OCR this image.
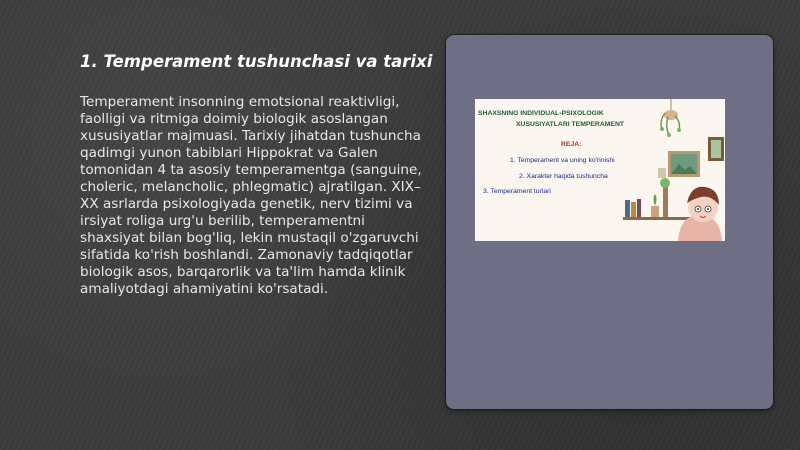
1. Temperament tushunchasi va tarixi

Temperament insonning emotsional reaktivligi, faolligi va ritmiga doimiy biologik asoslangan xususiyatlar majmuasi. Tarixiy jihatdan tushuncha qadimgi yunon tabiblari Hippokrat va Galen tomonidan 4 ta asosiy temperamentga (sanguine, choleric, melancholic, phlegmatic) ajratilgan. XIX–XX asrlarda psixologiyada genetik, nerv tizimi va irsiyat roliga urg'u berilib, temperamentni shaxsiyat bilan bog'liq, lekin mustaqil o'zgaruvchi sifatida ko'rish boshlandi. Zamonaviy tadqiqotlar biologik asos, barqarorlik va ta'lim hamda klinik amaliyotdagi ahamiyatini ko'rsatadi.

SHAXSNING INDIVIDUAL-PSIXOLOGIK
XUSUSIYATLARI TEMPERAMENT
REJA:
1. Temperament va uning ko'rinishi
2. Xarakter haqida tushuncha
3. Temperament turlari
